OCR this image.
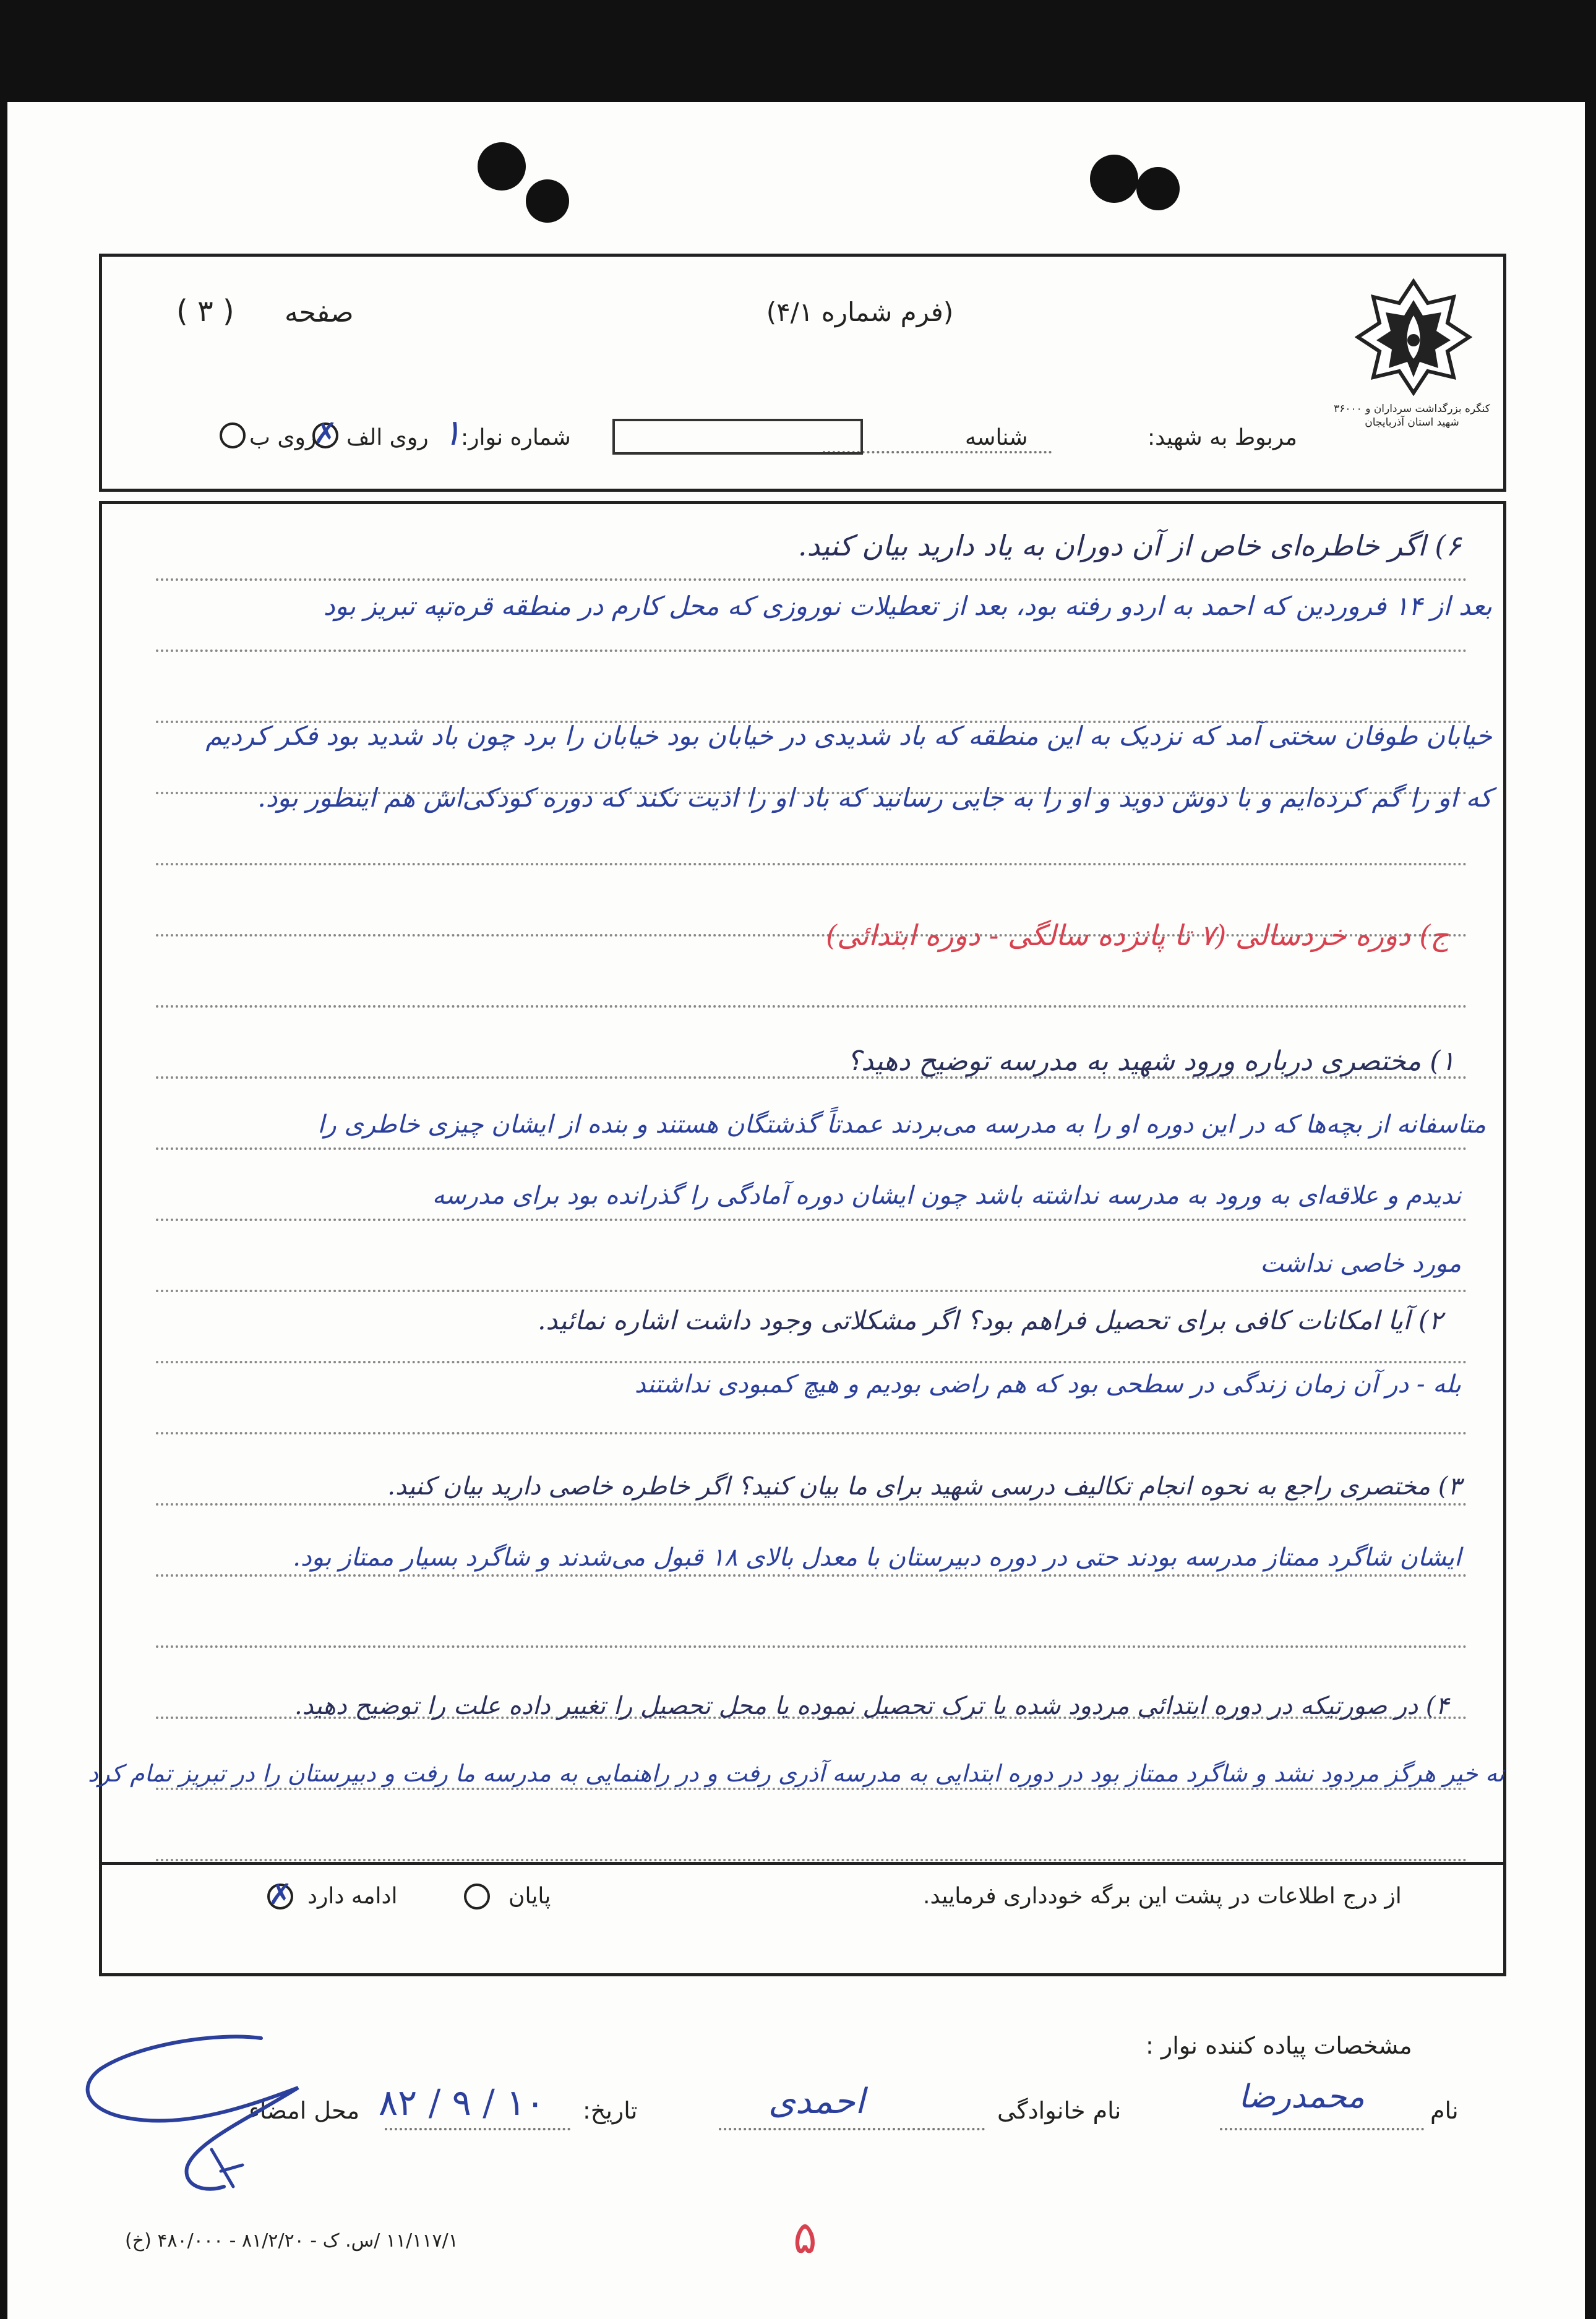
کنگره بزرگداشت سرداران و ۳۶۰۰۰ شهید استان آذربایجان
(فرم شماره ۴/۱)
صفحه
( ۳ )
مربوط به شهید:
شناسه
شماره نوار:
۱
روی الف
✗
روی ب
۶) اگر خاطره‌ای خاص از آن دوران به یاد دارید بیان کنید.
بعد از ۱۴ فروردین که احمد به اردو رفته بود، بعد از تعطیلات نوروزی که محل کارم در منطقه قره‌تپه تبریز بود
خیابان طوفان سختی آمد که نزدیک به این منطقه که باد شدیدی در خیابان بود خیابان را برد چون باد شدید بود فکر کردیم
که او را گم کرده‌ایم و با دوش دوید و او را به جایی رسانید که باد او را اذیت نکند که دوره کودکی‌اش هم اینطور بود.
ج) دوره خردسالی (۷ تا پانزده سالگی - دوره ابتدائی)
۱) مختصری درباره ورود شهید به مدرسه توضیح دهید؟
متاسفانه از بچه‌ها که در این دوره او را به مدرسه می‌بردند عمدتاً گذشتگان هستند و بنده از ایشان چیزی خاطری را
ندیدم و علاقه‌ای به ورود به مدرسه نداشته باشد چون ایشان دوره آمادگی را گذرانده بود برای مدرسه
مورد خاصی نداشت
۲) آیا امکانات کافی برای تحصیل فراهم بود؟ اگر مشکلاتی وجود داشت اشاره نمائید.
بله - در آن زمان زندگی در سطحی بود که هم راضی بودیم و هیچ کمبودی نداشتند
۳) مختصری راجع به نحوه انجام تکالیف درسی شهید برای ما بیان کنید؟ اگر خاطره خاصی دارید بیان کنید.
ایشان شاگرد ممتاز مدرسه بودند حتی در دوره دبیرستان با معدل بالای ۱۸ قبول می‌شدند و شاگرد بسیار ممتاز بود.
۴) در صورتیکه در دوره ابتدائی مردود شده یا ترک تحصیل نموده یا محل تحصیل را تغییر داده علت را توضیح دهید.
نه خیر هرگز مردود نشد و شاگرد ممتاز بود در دوره ابتدایی به مدرسه آذری رفت و در راهنمایی به مدرسه ما رفت و دبیرستان را در تبریز تمام کرد
از درج اطلاعات در پشت این برگه خودداری فرمایید.
پایان
ادامه دارد
✗
مشخصات پیاده کننده نوار :
نام
محمدرضا
نام خانوادگی
احمدی
تاریخ:
۸۲ / ۹ / ۱۰
محل امضاء
۵
۱۱/۱۱۷/۱ /س. ک - ۸۱/۲/۲۰ - ۴۸۰/۰۰۰ (خ)
